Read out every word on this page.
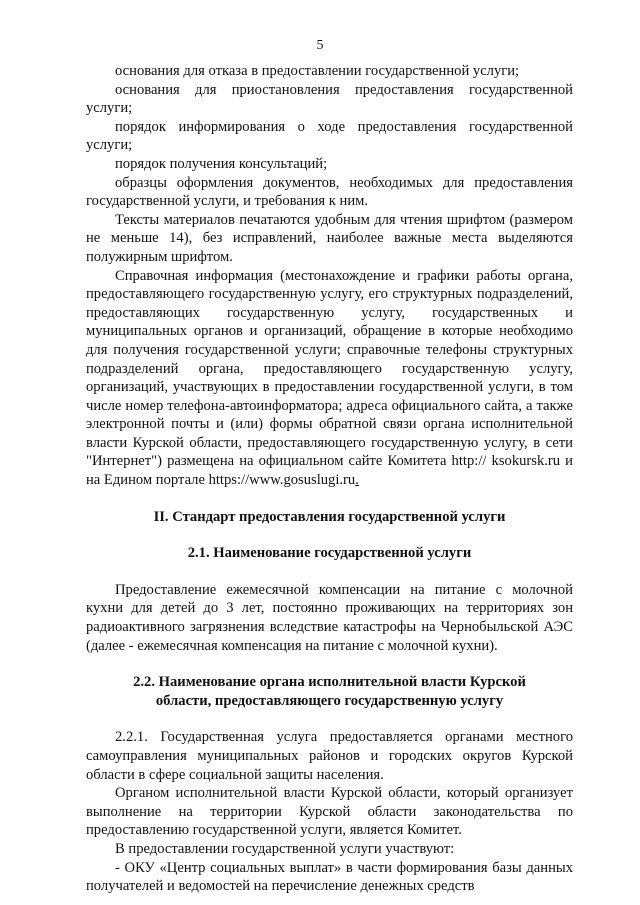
5

основания для отказа в предоставлении государственной услуги;

основания для приостановления предоставления государственной услуги;

порядок информирования о ходе предоставления государственной услуги;

порядок получения консультаций;

образцы оформления документов, необходимых для предоставления государственной услуги, и требования к ним.

Тексты материалов печатаются удобным для чтения шрифтом (размером не меньше 14), без исправлений, наиболее важные места выделяются полужирным шрифтом.

Справочная информация (местонахождение и графики работы органа, предоставляющего государственную услугу, его структурных подразделений, предоставляющих государственную услугу, государственных и муниципальных органов и организаций, обращение в которые необходимо для получения государственной услуги; справочные телефоны структурных подразделений органа, предоставляющего государственную услугу, организаций, участвующих в предоставлении государственной услуги, в том числе номер телефона-автоинформатора; адреса официального сайта, а также электронной почты и (или) формы обратной связи органа исполнительной власти Курской области, предоставляющего государственную услугу, в сети "Интернет") размещена на официальном сайте Комитета http:// ksokursk.ru и на Едином портале https://www.gosuslugi.ru.

II. Стандарт предоставления государственной услуги
2.1. Наименование государственной услуги

Предоставление ежемесячной компенсации на питание с молочной кухни для детей до 3 лет, постоянно проживающих на территориях зон радиоактивного загрязнения вследствие катастрофы на Чернобыльской АЭС (далее - ежемесячная компенсация на питание с молочной кухни).

2.2. Наименование органа исполнительной власти Курской
области, предоставляющего государственную услугу

2.2.1. Государственная услуга предоставляется органами местного самоуправления муниципальных районов и городских округов Курской области в сфере социальной защиты населения.

Органом исполнительной власти Курской области, который организует выполнение на территории Курской области законодательства по предоставлению государственной услуги, является Комитет.

В предоставлении государственной услуги участвуют:

- ОКУ «Центр социальных выплат» в части формирования базы данных получателей и ведомостей на перечисление денежных средств
